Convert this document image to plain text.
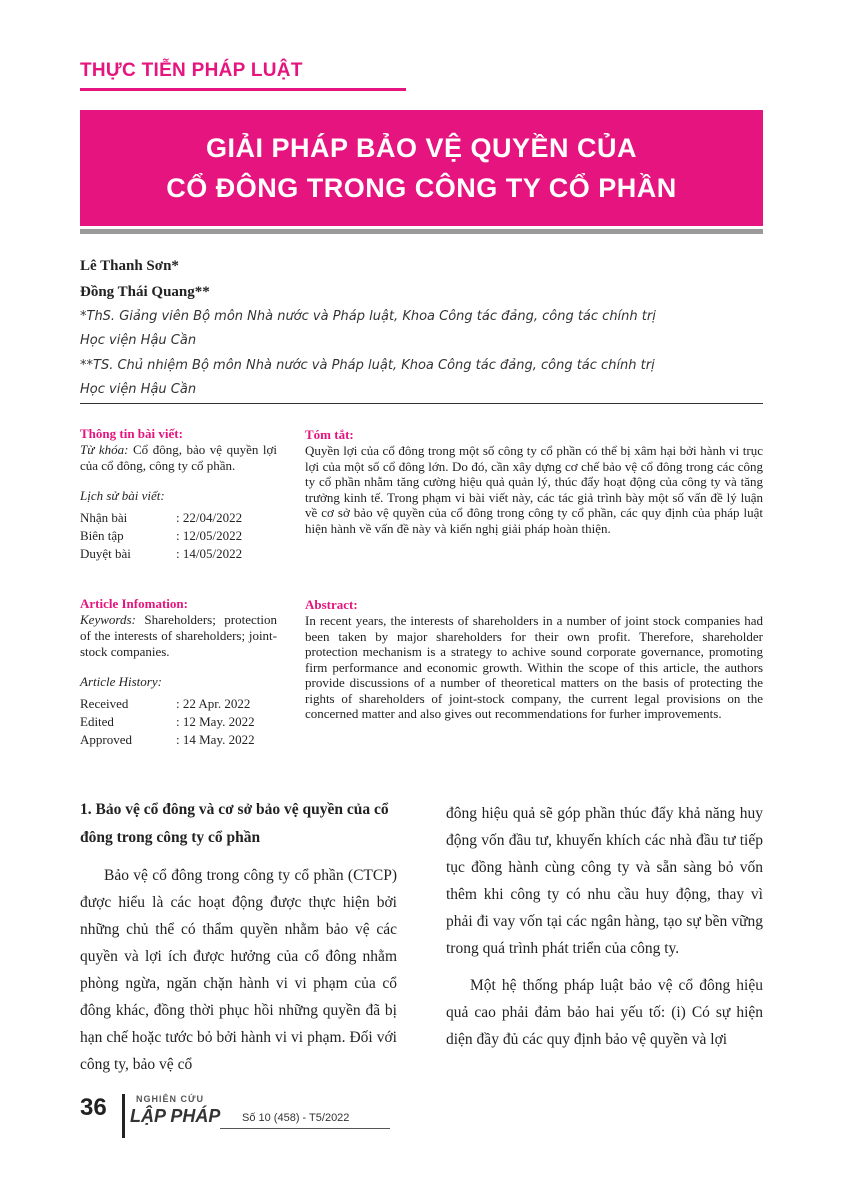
THỰC TIỄN PHÁP LUẬT
GIẢI PHÁP BẢO VỆ QUYỀN CỦA
CỔ ĐÔNG TRONG CÔNG TY CỔ PHẦN
Lê Thanh Sơn*
Đồng Thái Quang**
*ThS. Giảng viên Bộ môn Nhà nước và Pháp luật, Khoa Công tác đảng, công tác chính trị
Học viện Hậu Cần
**TS. Chủ nhiệm Bộ môn Nhà nước và Pháp luật, Khoa Công tác đảng, công tác chính trị
Học viện Hậu Cần
Thông tin bài viết:
Từ khóa: Cổ đông, bảo vệ quyền lợi của cổ đông, công ty cổ phần.
Lịch sử bài viết:
Nhận bài	: 22/04/2022
Biên tập	: 12/05/2022
Duyệt bài	: 14/05/2022
Tóm tắt:
Quyền lợi của cổ đông trong một số công ty cổ phần có thể bị xâm hại bởi hành vi trục lợi của một số cổ đông lớn. Do đó, cần xây dựng cơ chế bảo vệ cổ đông trong các công ty cổ phần nhằm tăng cường hiệu quả quản lý, thúc đẩy hoạt động của công ty và tăng trưởng kinh tế. Trong phạm vi bài viết này, các tác giả trình bày một số vấn đề lý luận về cơ sở bảo vệ quyền của cổ đông trong công ty cổ phần, các quy định của pháp luật hiện hành về vấn đề này và kiến nghị giải pháp hoàn thiện.
Article Infomation:
Keywords: Shareholders; protection of the interests of shareholders; joint-stock companies.
Article History:
Received	: 22 Apr. 2022
Edited	: 12 May. 2022
Approved	: 14 May. 2022
Abstract:
In recent years, the interests of shareholders in a number of joint stock companies had been taken by major shareholders for their own profit. Therefore, shareholder protection mechanism is a strategy to achive sound corporate governance, promoting firm performance and economic growth. Within the scope of this article, the authors provide discussions of a number of theoretical matters on the basis of protecting the rights of shareholders of joint-stock company, the current legal provisions on the concerned matter and also gives out recommendations for furher improvements.

1. Bảo vệ cổ đông và cơ sở bảo vệ quyền của cổ đông trong công ty cổ phần

Bảo vệ cổ đông trong công ty cổ phần (CTCP) được hiểu là các hoạt động được thực hiện bởi những chủ thể có thẩm quyền nhằm bảo vệ các quyền và lợi ích được hưởng của cổ đông nhằm phòng ngừa, ngăn chặn hành vi vi phạm của cổ đông khác, đồng thời phục hồi những quyền đã bị hạn chế hoặc tước bỏ bởi hành vi vi phạm. Đối với công ty, bảo vệ cổ

đông hiệu quả sẽ góp phần thúc đẩy khả năng huy động vốn đầu tư, khuyến khích các nhà đầu tư tiếp tục đồng hành cùng công ty và sẵn sàng bỏ vốn thêm khi công ty có nhu cầu huy động, thay vì phải đi vay vốn tại các ngân hàng, tạo sự bền vững trong quá trình phát triển của công ty.

Một hệ thống pháp luật bảo vệ cổ đông hiệu quả cao phải đảm bảo hai yếu tố: (i) Có sự hiện diện đầy đủ các quy định bảo vệ quyền và lợi

36	NGHIÊN CỨU
LẬP PHÁP Số 10 (458) - T5/2022
